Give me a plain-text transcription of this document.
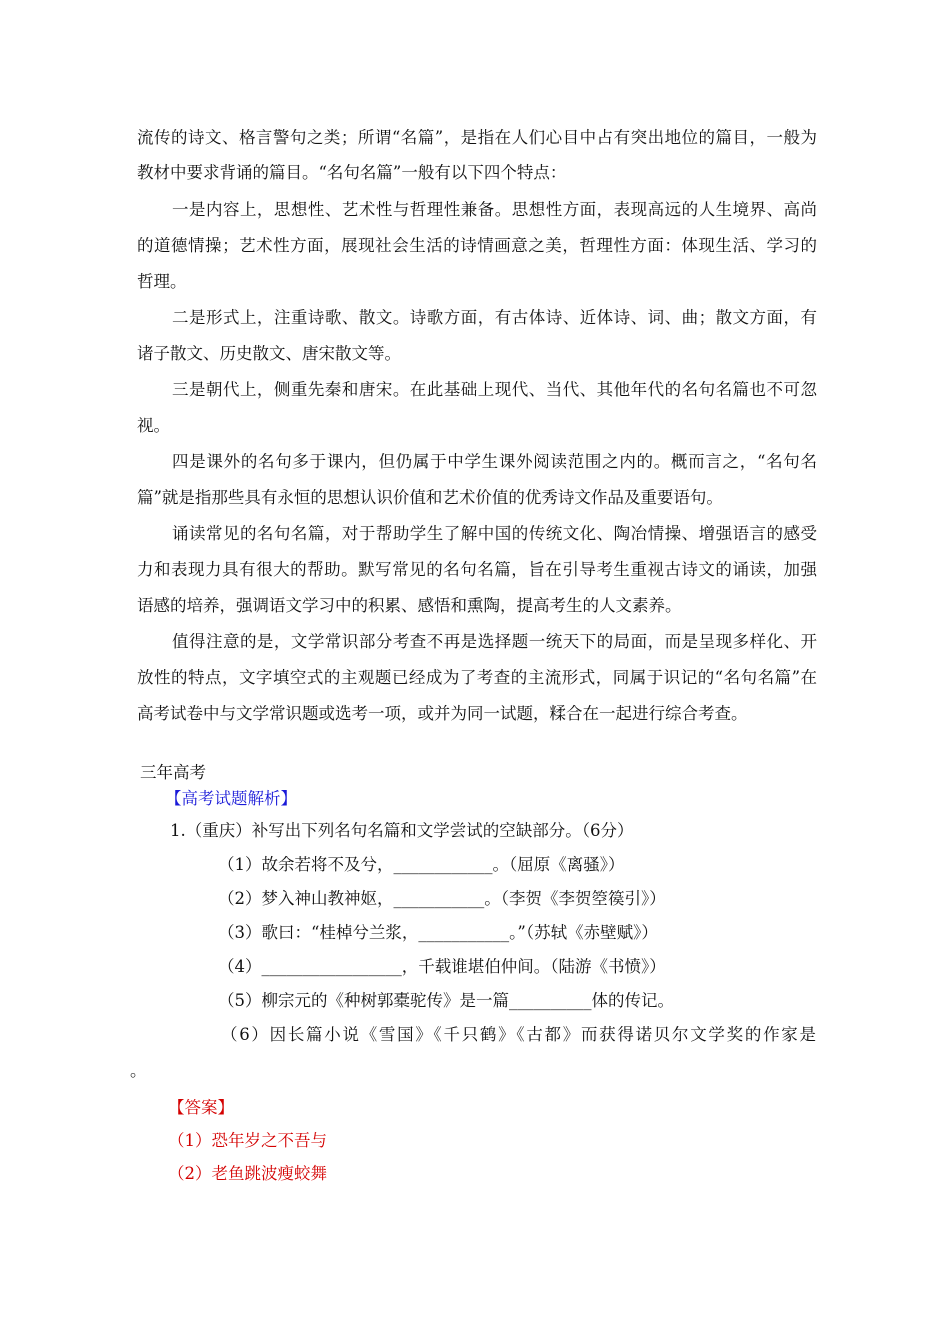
流传的诗文、格言警句之类；所谓“名篇”，是指在人们心目中占有突出地位的篇目，一般为
教材中要求背诵的篇目。“名句名篇”一般有以下四个特点：
一是内容上，思想性、艺术性与哲理性兼备。思想性方面，表现高远的人生境界、高尚
的道德情操；艺术性方面，展现社会生活的诗情画意之美，哲理性方面：体现生活、学习的
哲理。
二是形式上，注重诗歌、散文。诗歌方面，有古体诗、近体诗、词、曲；散文方面，有
诸子散文、历史散文、唐宋散文等。
三是朝代上，侧重先秦和唐宋。在此基础上现代、当代、其他年代的名句名篇也不可忽
视。
四是课外的名句多于课内，但仍属于中学生课外阅读范围之内的。概而言之，“名句名
篇”就是指那些具有永恒的思想认识价值和艺术价值的优秀诗文作品及重要语句。
诵读常见的名句名篇，对于帮助学生了解中国的传统文化、陶冶情操、增强语言的感受
力和表现力具有很大的帮助。默写常见的名句名篇，旨在引导考生重视古诗文的诵读，加强
语感的培养，强调语文学习中的积累、感悟和熏陶，提高考生的人文素养。
值得注意的是，文学常识部分考查不再是选择题一统天下的局面，而是呈现多样化、开
放性的特点，文字填空式的主观题已经成为了考查的主流形式，同属于识记的“名句名篇”在
高考试卷中与文学常识题或选考一项，或并为同一试题，糅合在一起进行综合考查。
三年高考
【高考试题解析】
1.（重庆）补写出下列名句名篇和文学尝试的空缺部分。（6分）
（1）故余若将不及兮，____________。（屈原《离骚》）
（2）梦入神山教神妪，___________。（李贺《李贺箜篌引》）
（3）歌曰：“桂棹兮兰浆，___________。”（苏轼《赤壁赋》）
（4）_________________，千载谁堪伯仲间。（陆游《书愤》）
（5）柳宗元的《种树郭橐驼传》是一篇__________体的传记。
（6）因长篇小说《雪国》《千只鹤》《古都》而获得诺贝尔文学奖的作家是
。
【答案】
（1）恐年岁之不吾与
（2）老鱼跳波瘦蛟舞
